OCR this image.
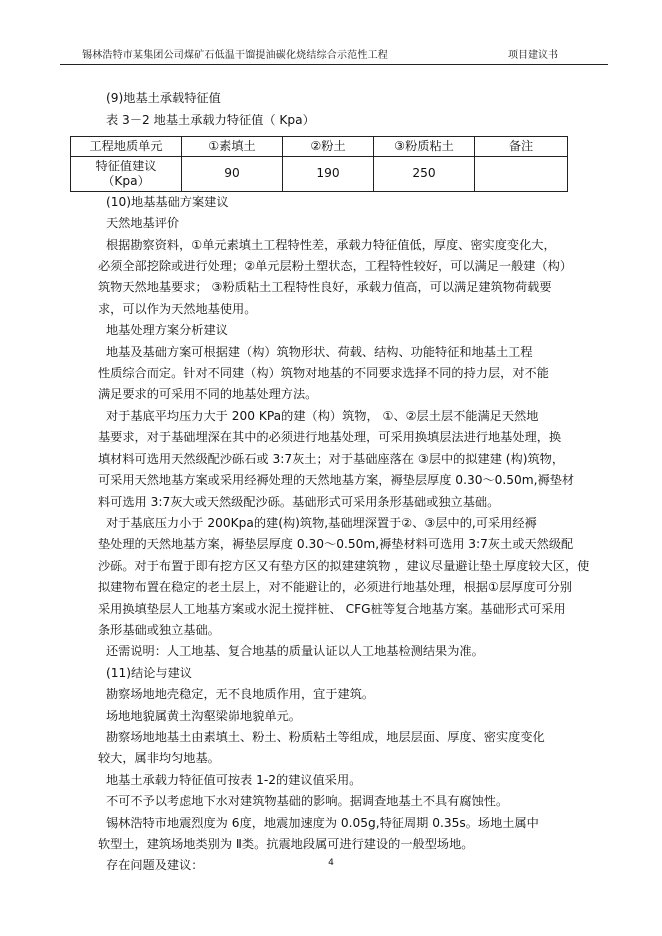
锡林浩特市某集团公司煤矿石低温干馏提油碳化烧结综合示范性工程	项目建议书

(9)地基土承载特征值

表 3－2 地基土承载力特征值（ Kpa）

工程地质单元	①素填土	②粉土	③粉质粘土	备注

特征值建议
（Kpa）	90	190	250	

(10)地基基础方案建议

天然地基评价

根据勘察资料，①单元素填土工程特性差，承载力特征值低，厚度、密实度变化大，

必须全部挖除或进行处理；②单元层粉土塑状态，工程特性较好，可以满足一般建（构）

筑物天然地基要求； ③粉质粘土工程特性良好，承载力值高，可以满足建筑物荷载要

求，可以作为天然地基使用。

地基处理方案分析建议

地基及基础方案可根据建（构）筑物形状、荷载、结构、功能特征和地基土工程

性质综合而定。针对不同建（构）筑物对地基的不同要求选择不同的持力层，对不能

满足要求的可采用不同的地基处理方法。

对于基底平均压力大于 200 KPa的建（构）筑物， ①、②层土层不能满足天然地

基要求，对于基础埋深在其中的必须进行地基处理，可采用换填层法进行地基处理，换

填材料可选用天然级配沙砾石或 3:7灰土；对于基础座落在 ③层中的拟建建 (构)筑物，

可采用天然地基方案或采用经褥处理的天然地基方案，褥垫层厚度 0.30～0.50m,褥垫材

料可选用 3:7灰大或天然级配沙砾。基础形式可采用条形基础或独立基础。

对于基底压力小于 200Kpa的建(构)筑物,基础埋深置于②、③层中的,可采用经褥

垫处理的天然地基方案，褥垫层厚度 0.30～0.50m,褥垫材料可选用 3:7灰土或天然级配

沙砾。对于布置于即有挖方区又有垫方区的拟建建筑物 ，建议尽量避让垫土厚度较大区，使

拟建物布置在稳定的老土层上，对不能避让的，必须进行地基处理，根据①层厚度可分别

采用换填垫层人工地基方案或水泥土搅拌桩、 CFG桩等复合地基方案。基础形式可采用

条形基础或独立基础。

还需说明：人工地基、复合地基的质量认证以人工地基检测结果为准。

(11)结论与建议

勘察场地地壳稳定，无不良地质作用，宜于建筑。

场地地貌属黄土沟壑梁峁地貌单元。

勘察场地地基土由素填土、粉土、粉质粘土等组成，地层层面、厚度、密实度变化

较大，属非均匀地基。

地基土承载力特征值可按表 1-2的建议值采用。

不可不予以考虑地下水对建筑物基础的影响。据调查地基土不具有腐蚀性。

锡林浩特市地震烈度为 6度，地震加速度为 0.05g,特征周期 0.35s。场地土属中

软型土，建筑场地类别为 Ⅱ类。抗震地段属可进行建设的一般型场地。

存在问题及建议：	4
